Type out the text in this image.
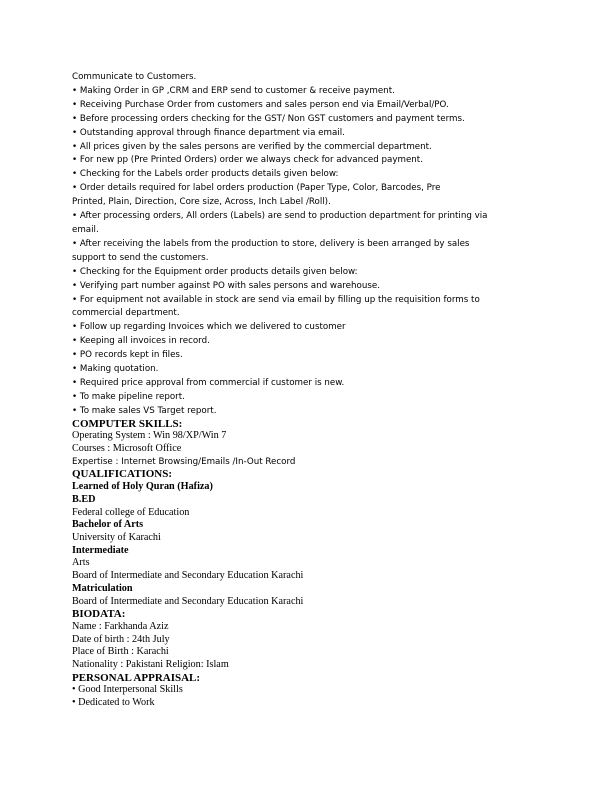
Communicate to Customers.
• Making Order in GP ,CRM and ERP send to customer & receive payment.
• Receiving Purchase Order from customers and sales person end via Email/Verbal/PO.
• Before processing orders checking for the GST/ Non GST customers and payment terms.
• Outstanding approval through finance department via email.
• All prices given by the sales persons are verified by the commercial department.
• For new pp (Pre Printed Orders) order we always check for advanced payment.
• Checking for the Labels order products details given below:
• Order details required for label orders production (Paper Type, Color, Barcodes, Pre
Printed, Plain, Direction, Core size, Across, Inch Label /Roll).
• After processing orders, All orders (Labels) are send to production department for printing via
email.
• After receiving the labels from the production to store, delivery is been arranged by sales
support to send the customers.
• Checking for the Equipment order products details given below:
• Verifying part number against PO with sales persons and warehouse.
• For equipment not available in stock are send via email by filling up the requisition forms to
commercial department.
• Follow up regarding Invoices which we delivered to customer
• Keeping all invoices in record.
• PO records kept in files.
• Making quotation.
• Required price approval from commercial if customer is new.
• To make pipeline report.
• To make sales VS Target report.
COMPUTER SKILLS:
Operating System : Win 98/XP/Win 7
Courses : Microsoft Office
Expertise : Internet Browsing/Emails /In-Out Record
QUALIFICATIONS:
Learned of Holy Quran (Hafiza)
B.ED
Federal college of Education
Bachelor of Arts
University of Karachi
Intermediate
Arts
Board of Intermediate and Secondary Education Karachi
Matriculation
Board of Intermediate and Secondary Education Karachi
BIODATA:
Name : Farkhanda Aziz
Date of birth : 24th July
Place of Birth : Karachi
Nationality : Pakistani Religion: Islam
PERSONAL APPRAISAL:
• Good Interpersonal Skills
• Dedicated to Work
